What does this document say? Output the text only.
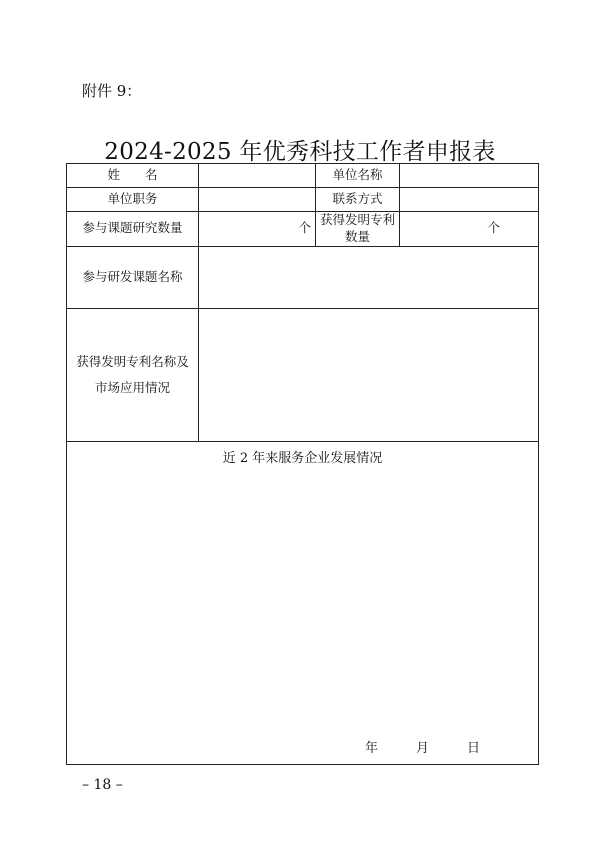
附件 9：
2024-2025 年优秀科技工作者申报表
姓　　名		单位名称	
单位职务		联系方式	
参与课题研究数量	个	获得发明专利数量	个
参与研发课题名称			
获得发明专利名称及市场应用情况			

近 2 年来服务企业发展情况
年 月 日			
– 18 –
